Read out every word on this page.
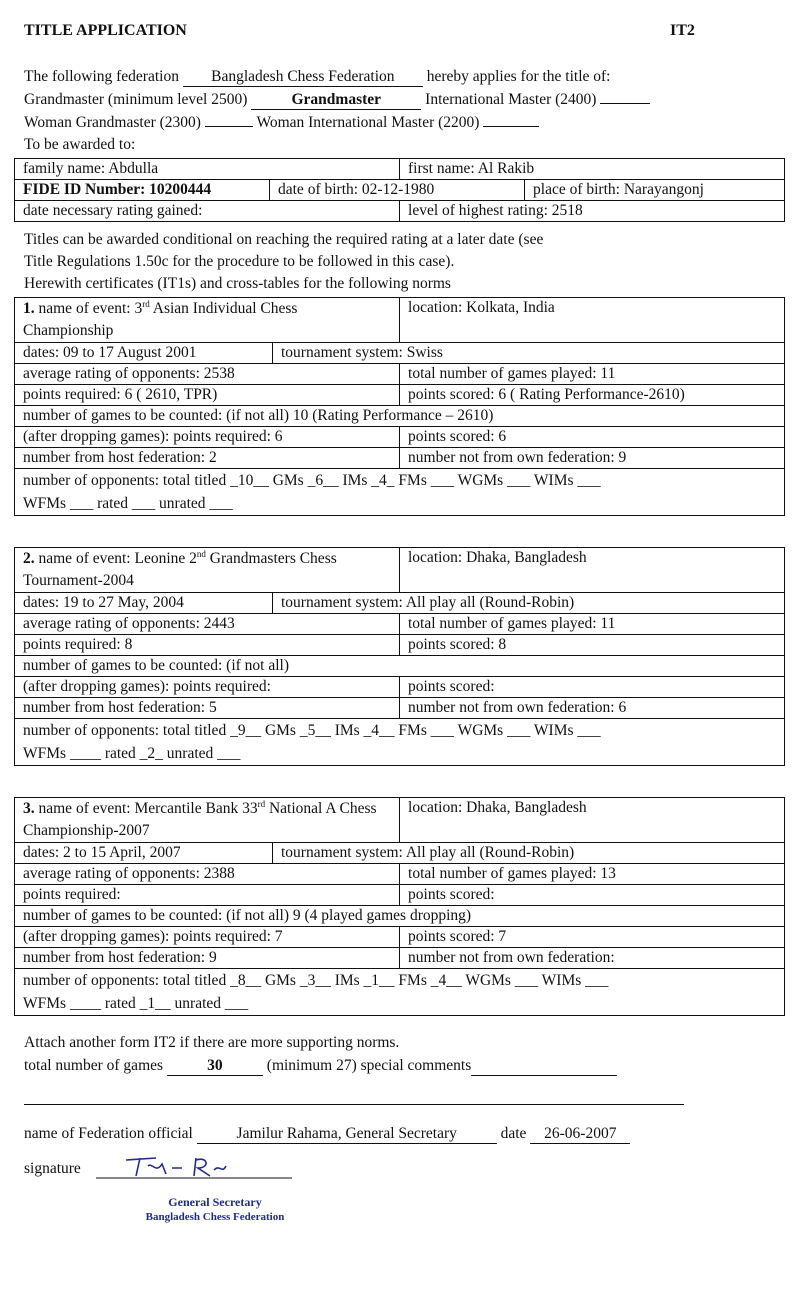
TITLE APPLICATION	IT2
The following federation Bangladesh Chess Federation hereby applies for the title of:
Grandmaster (minimum level 2500)	Grandmaster	International Master (2400)
Woman Grandmaster (2300)	Woman International Master (2200)
To be awarded to:
family name: Abdulla		first name: Al Rakib	
FIDE ID Number: 10200444	date of birth: 02-12-1980		place of birth: Narayangonj
date necessary rating gained:		level of highest rating: 2518	
Titles can be awarded conditional on reaching the required rating at a later date (see
Title Regulations 1.50c for the procedure to be followed in this case).
Herewith certificates (IT1s) and cross-tables for the following norms
1. name of event: 3rd Asian Individual Chess Championship		location: Kolkata, India
dates: 09 to 17 August 2001	tournament system: Swiss	
average rating of opponents: 2538		total number of games played: 11
points required: 6 ( 2610, TPR)		points scored: 6 ( Rating Performance-2610)
number of games to be counted: (if not all) 10 (Rating Performance – 2610)		
(after dropping games): points required: 6		points scored: 6
number from host federation: 2		number not from own federation: 9
number of opponents: total titled _10__ GMs _6__ IMs _4_ FMs ___ WGMs ___ WIMs ___
WFMs ___ rated ___ unrated ___		
2. name of event: Leonine 2nd Grandmasters Chess Tournament-2004		location: Dhaka, Bangladesh
dates: 19 to 27 May, 2004	tournament system: All play all (Round-Robin)	
average rating of opponents: 2443		total number of games played: 11
points required: 8		points scored: 8
number of games to be counted: (if not all)		
(after dropping games): points required:		points scored:
number from host federation: 5		number not from own federation: 6
number of opponents: total titled _9__ GMs _5__ IMs _4__ FMs ___ WGMs ___ WIMs ___
WFMs ____ rated _2_ unrated ___		
3. name of event: Mercantile Bank 33rd National A Chess Championship-2007		location: Dhaka, Bangladesh
dates: 2 to 15 April, 2007	tournament system: All play all (Round-Robin)	
average rating of opponents: 2388		total number of games played: 13
points required:		points scored:
number of games to be counted: (if not all) 9 (4 played games dropping)		
(after dropping games): points required: 7		points scored: 7
number from host federation: 9		number not from own federation:
number of opponents: total titled _8__ GMs _3__ IMs _1__ FMs _4__ WGMs ___ WIMs ___
WFMs ____ rated _1__ unrated ___		
Attach another form IT2 if there are more supporting norms.
total number of games	30	(minimum 27) special comments
name of Federation official	Jamilur Rahama, General Secretary	date 26-06-2007
signature
General Secretary
Bangladesh Chess Federation
